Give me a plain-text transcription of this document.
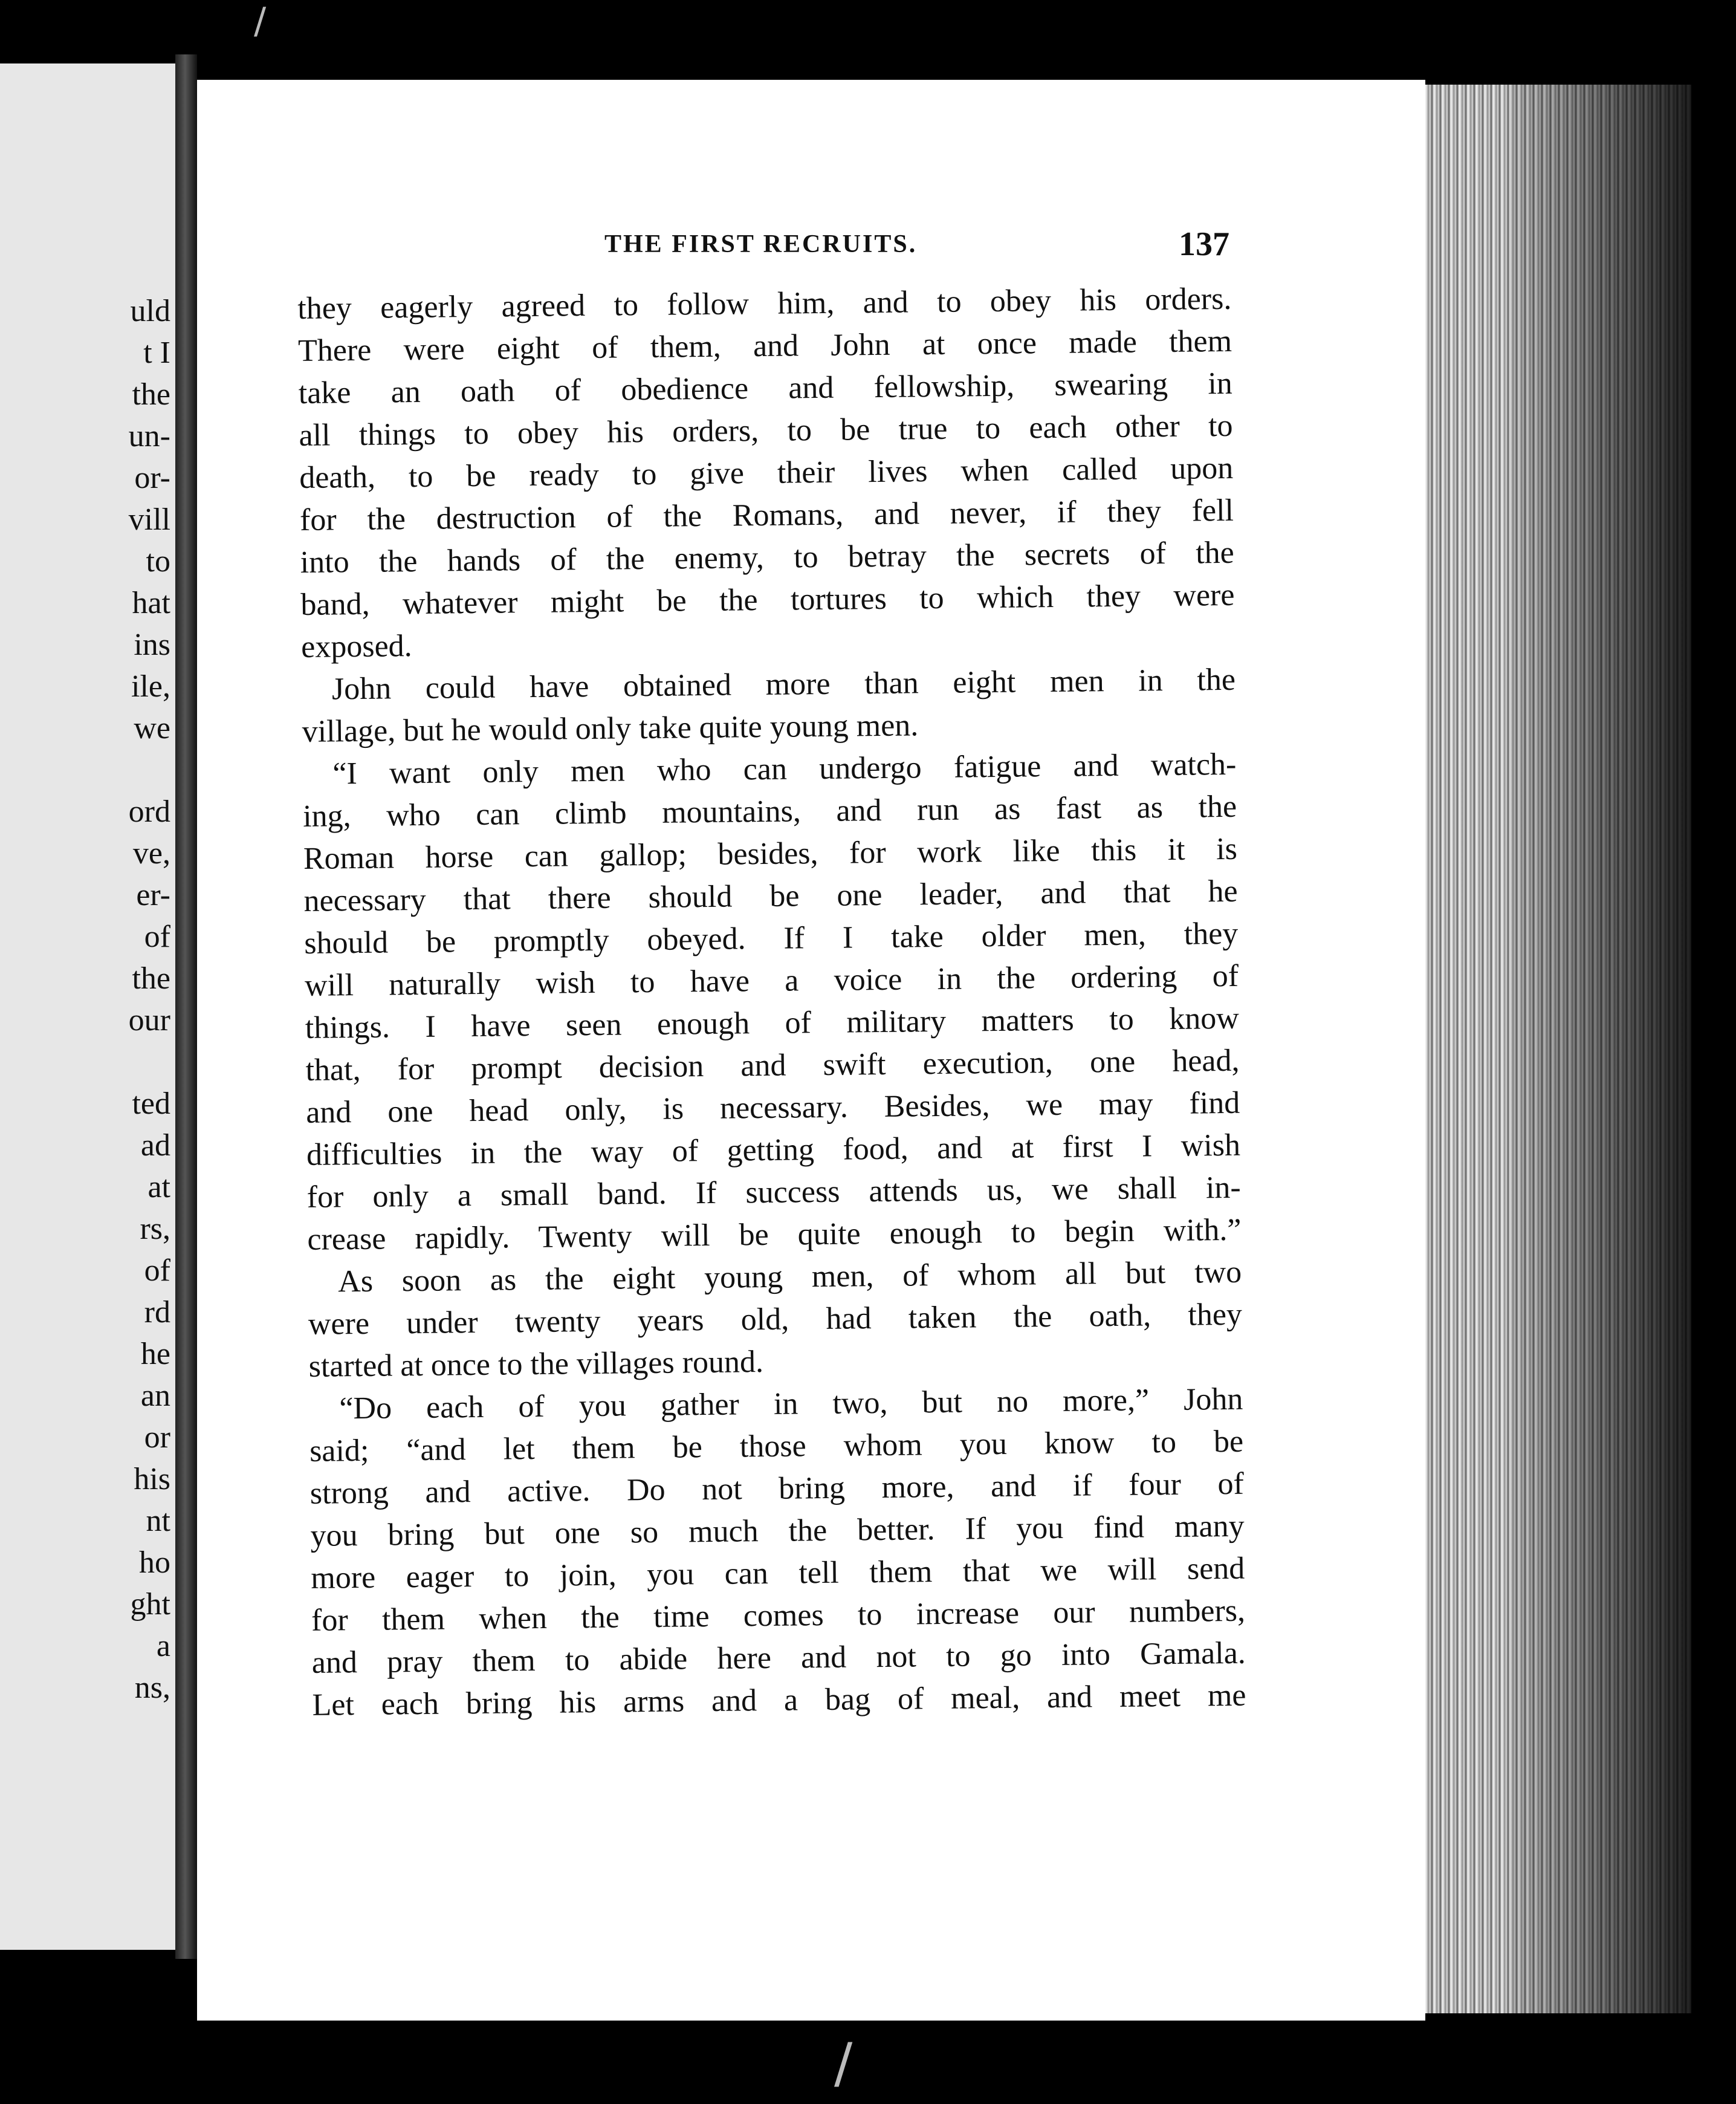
uld
t I
the
un-
or-
vill
to
hat
ins
ile,
we
ord
ve,
er-
of
the
our
ted
ad
at
rs,
of
rd
he
an
or
his
nt
ho
ght
a
ns,
THE FIRST RECRUITS.	137
they eagerly agreed to follow him, and to obey his orders.
There were eight of them, and John at once made them
take an oath of obedience and fellowship, swearing in
all things to obey his orders, to be true to each other to
death, to be ready to give their lives when called upon
for the destruction of the Romans, and never, if they fell
into the hands of the enemy, to betray the secrets of the
band, whatever might be the tortures to which they were
exposed.
John could have obtained more than eight men in the
village, but he would only take quite young men.
“I want only men who can undergo fatigue and watch-
ing, who can climb mountains, and run as fast as the
Roman horse can gallop; besides, for work like this it is
necessary that there should be one leader, and that he
should be promptly obeyed. If I take older men, they
will naturally wish to have a voice in the ordering of
things. I have seen enough of military matters to know
that, for prompt decision and swift execution, one head,
and one head only, is necessary. Besides, we may find
difficulties in the way of getting food, and at first I wish
for only a small band. If success attends us, we shall in-
crease rapidly. Twenty will be quite enough to begin with.”
As soon as the eight young men, of whom all but two
were under twenty years old, had taken the oath, they
started at once to the villages round.
“Do each of you gather in two, but no more,” John
said; “and let them be those whom you know to be
strong and active. Do not bring more, and if four of
you bring but one so much the better. If you find many
more eager to join, you can tell them that we will send
for them when the time comes to increase our numbers,
and pray them to abide here and not to go into Gamala.
Let each bring his arms and a bag of meal, and meet me
/
/
